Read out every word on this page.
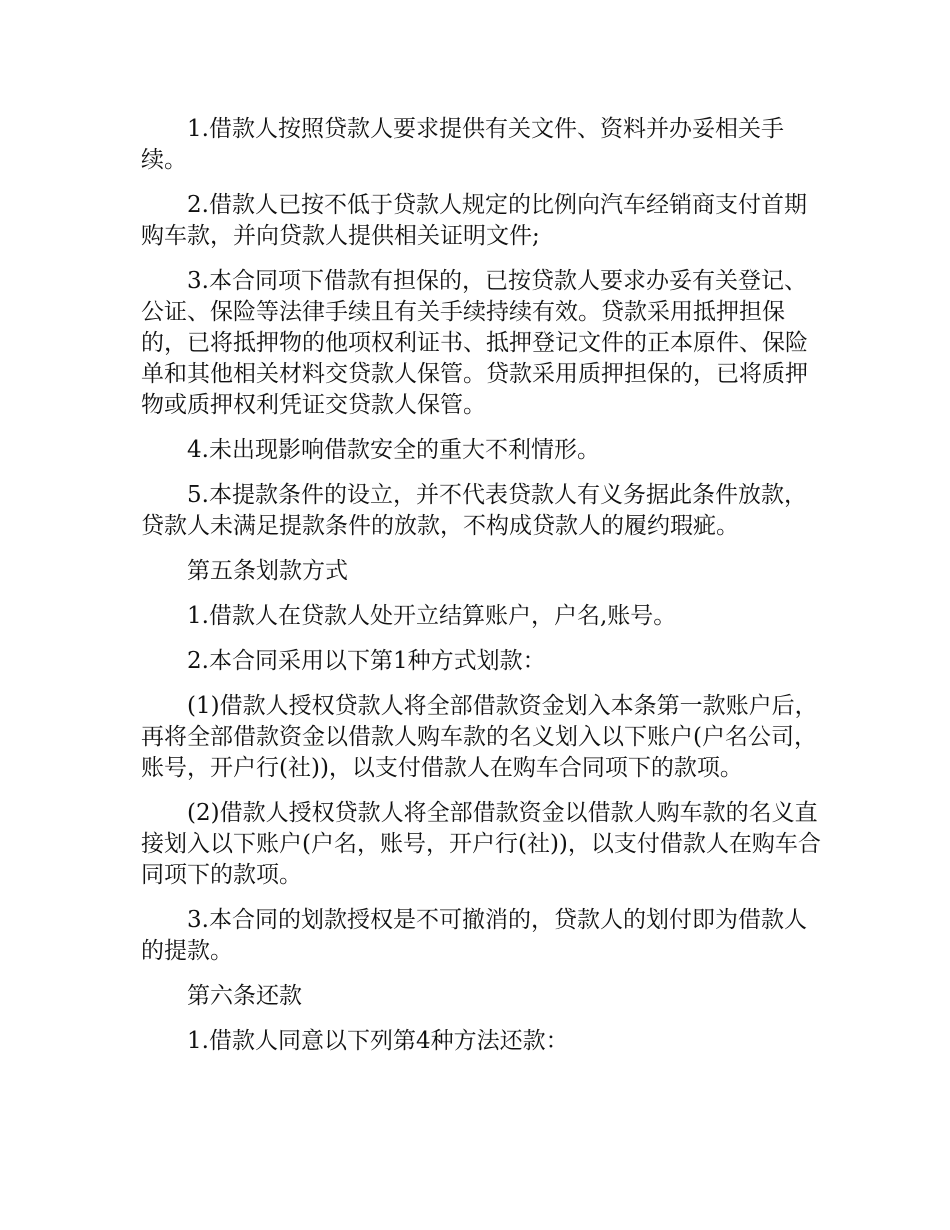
1.借款人按照贷款人要求提供有关文件、资料并办妥相关手续。

2.借款人已按不低于贷款人规定的比例向汽车经销商支付首期购车款，并向贷款人提供相关证明文件;

3.本合同项下借款有担保的，已按贷款人要求办妥有关登记、公证、保险等法律手续且有关手续持续有效。贷款采用抵押担保的，已将抵押物的他项权利证书、抵押登记文件的正本原件、保险单和其他相关材料交贷款人保管。贷款采用质押担保的，已将质押物或质押权利凭证交贷款人保管。

4.未出现影响借款安全的重大不利情形。

5.本提款条件的设立，并不代表贷款人有义务据此条件放款，贷款人未满足提款条件的放款，不构成贷款人的履约瑕疵。

第五条划款方式

1.借款人在贷款人处开立结算账户，户名,账号。

2.本合同采用以下第1种方式划款：

(1)借款人授权贷款人将全部借款资金划入本条第一款账户后，再将全部借款资金以借款人购车款的名义划入以下账户(户名公司，账号，开户行(社))，以支付借款人在购车合同项下的款项。

(2)借款人授权贷款人将全部借款资金以借款人购车款的名义直接划入以下账户(户名，账号，开户行(社))，以支付借款人在购车合同项下的款项。

3.本合同的划款授权是不可撤消的，贷款人的划付即为借款人的提款。

第六条还款

1.借款人同意以下列第4种方法还款：
